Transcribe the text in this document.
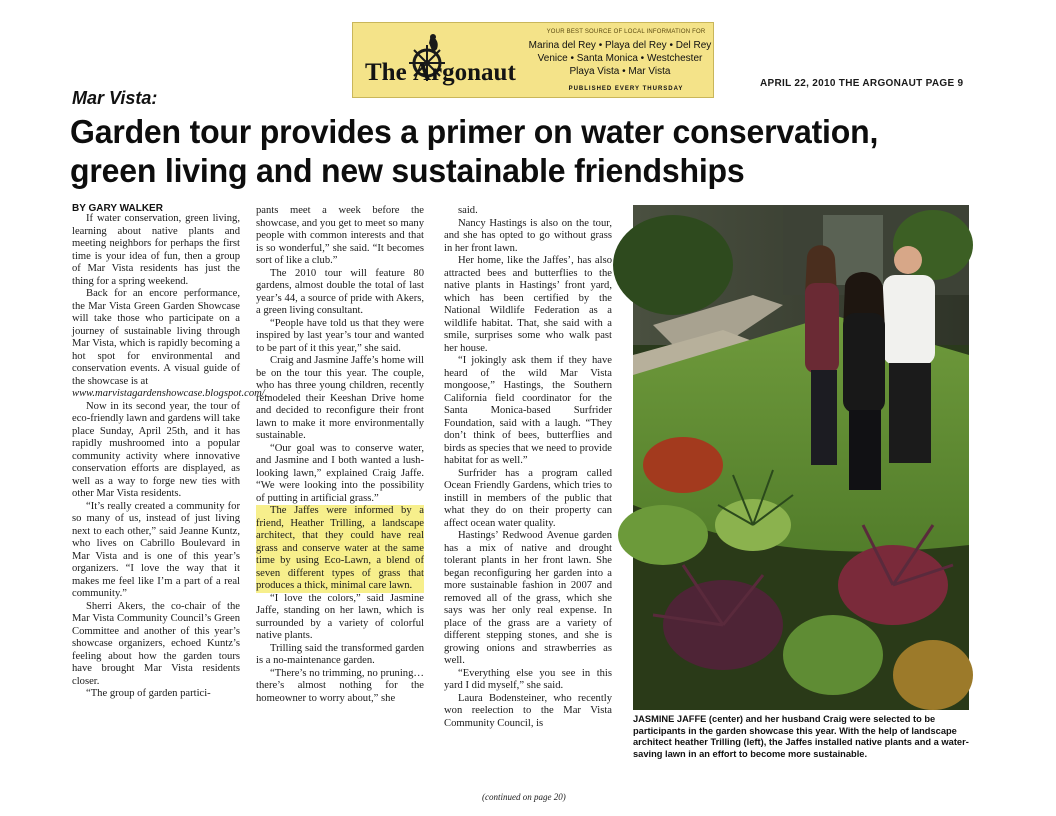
The Argonaut
YOUR BEST SOURCE OF LOCAL INFORMATION FOR
Marina del Rey • Playa del Rey • Del Rey
Venice • Santa Monica • Westchester
Playa Vista • Mar Vista
PUBLISHED EVERY THURSDAY	APRIL 22, 2010 THE ARGONAUT PAGE 9
Mar Vista:
Garden tour provides a primer on water conservation, green living and new sustainable friendships
BY GARY WALKER

If water conservation, green living, learning about native plants and meeting neighbors for perhaps the first time is your idea of fun, then a group of Mar Vista residents has just the thing for a spring weekend.

Back for an encore performance, the Mar Vista Green Garden Showcase will take those who participate on a journey of sustainable living through Mar Vista, which is rapidly becoming a hot spot for environmental and conservation events. A visual guide of the showcase is at

www.marvistagardenshowcase.blogspot.com/.

Now in its second year, the tour of eco-friendly lawn and gardens will take place Sunday, April 25th, and it has rapidly mushroomed into a popular community activity where innovative conservation efforts are displayed, as well as a way to forge new ties with other Mar Vista residents.

“It’s really created a community for so many of us, instead of just living next to each other,” said Jeanne Kuntz, who lives on Cabrillo Boulevard in Mar Vista and is one of this year’s organizers. “I love the way that it makes me feel like I’m a part of a real community.”

Sherri Akers, the co-chair of the Mar Vista Community Council’s Green Committee and another of this year’s showcase organizers, echoed Kuntz’s feeling about how the garden tours have brought Mar Vista residents closer.

“The group of garden partici-

pants meet a week before the showcase, and you get to meet so many people with common interests and that is so wonderful,” she said. “It becomes sort of like a club.”

The 2010 tour will feature 80 gardens, almost double the total of last year’s 44, a source of pride with Akers, a green living consultant.

“People have told us that they were inspired by last year’s tour and wanted to be part of it this year,” she said.

Craig and Jasmine Jaffe’s home will be on the tour this year. The couple, who has three young children, recently remodeled their Keeshan Drive home and decided to reconfigure their front lawn to make it more environmentally sustainable.

“Our goal was to conserve water, and Jasmine and I both wanted a lush-looking lawn,” explained Craig Jaffe. “We were looking into the possibility of putting in artificial grass.”

The Jaffes were informed by a friend, Heather Trilling, a landscape architect, that they could have real grass and conserve water at the same time by using Eco-Lawn, a blend of seven different types of grass that produces a thick, minimal care lawn.

“I love the colors,” said Jasmine Jaffe, standing on her lawn, which is surrounded by a variety of colorful native plants.

Trilling said the transformed garden is a no-maintenance garden.

“There’s no trimming, no pruning… there’s almost nothing for the homeowner to worry about,” she

said.

Nancy Hastings is also on the tour, and she has opted to go without grass in her front lawn.

Her home, like the Jaffes’, has also attracted bees and butterflies to the native plants in Hastings’ front yard, which has been certified by the National Wildlife Federation as a wildlife habitat. That, she said with a smile, surprises some who walk past her house.

“I jokingly ask them if they have heard of the wild Mar Vista mongoose,” Hastings, the Southern California field coordinator for the Santa Monica-based Surfrider Foundation, said with a laugh. “They don’t think of bees, butterflies and birds as species that we need to provide habitat for as well.”

Surfrider has a program called Ocean Friendly Gardens, which tries to instill in members of the public that what they do on their property can affect ocean water quality.

Hastings’ Redwood Avenue garden has a mix of native and drought tolerant plants in her front lawn. She began reconfiguring her garden into a more sustainable fashion in 2007 and removed all of the grass, which she says was her only real expense. In place of the grass are a variety of different stepping stones, and she is growing onions and strawberries as well.

“Everything else you see in this yard I did myself,” she said.

Laura Bodensteiner, who recently won reelection to the Mar Vista Community Council, is

(continued on page 20)
JASMINE JAFFE (center) and her husband Craig were selected to be participants in the garden showcase this year. With the help of landscape architect heather Trilling (left), the Jaffes installed native plants and a water-saving lawn in an effort to become more sustainable.
